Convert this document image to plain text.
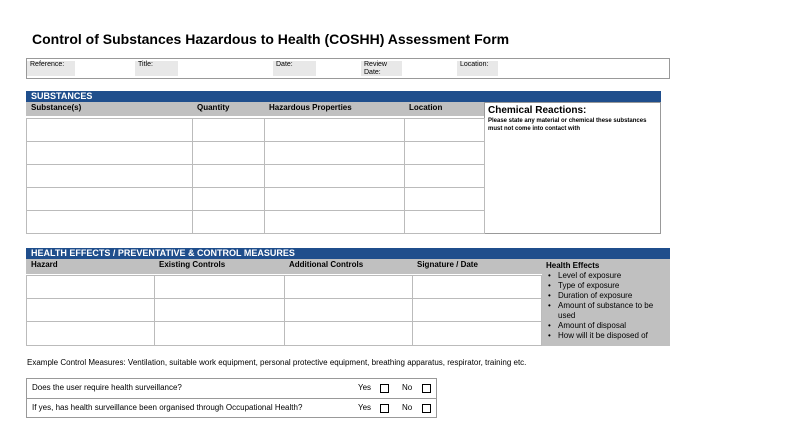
Control of Substances Hazardous to Health (COSHH) Assessment Form
Reference:	Title:	Date:	Review
Date:
Location:
SUBSTANCES
Substance(s)	Quantity	Hazardous Properties	Location	Chemical Reactions:
Please state any material or chemical these substances must not come into contact with
HEALTH EFFECTS / PREVENTATIVE & CONTROL MEASURES
Hazard	Existing Controls	Additional Controls	Signature / Date	Health Effects
• Level of exposure
• Type of exposure
• Duration of exposure
• Amount of substance to be used
• Amount of disposal
• How will it be disposed of
Example Control Measures: Ventilation, suitable work equipment, personal protective equipment, breathing apparatus, respirator, training etc.
Does the user require health surveillance?	Yes	No
If yes, has health surveillance been organised through Occupational Health?	Yes	No
